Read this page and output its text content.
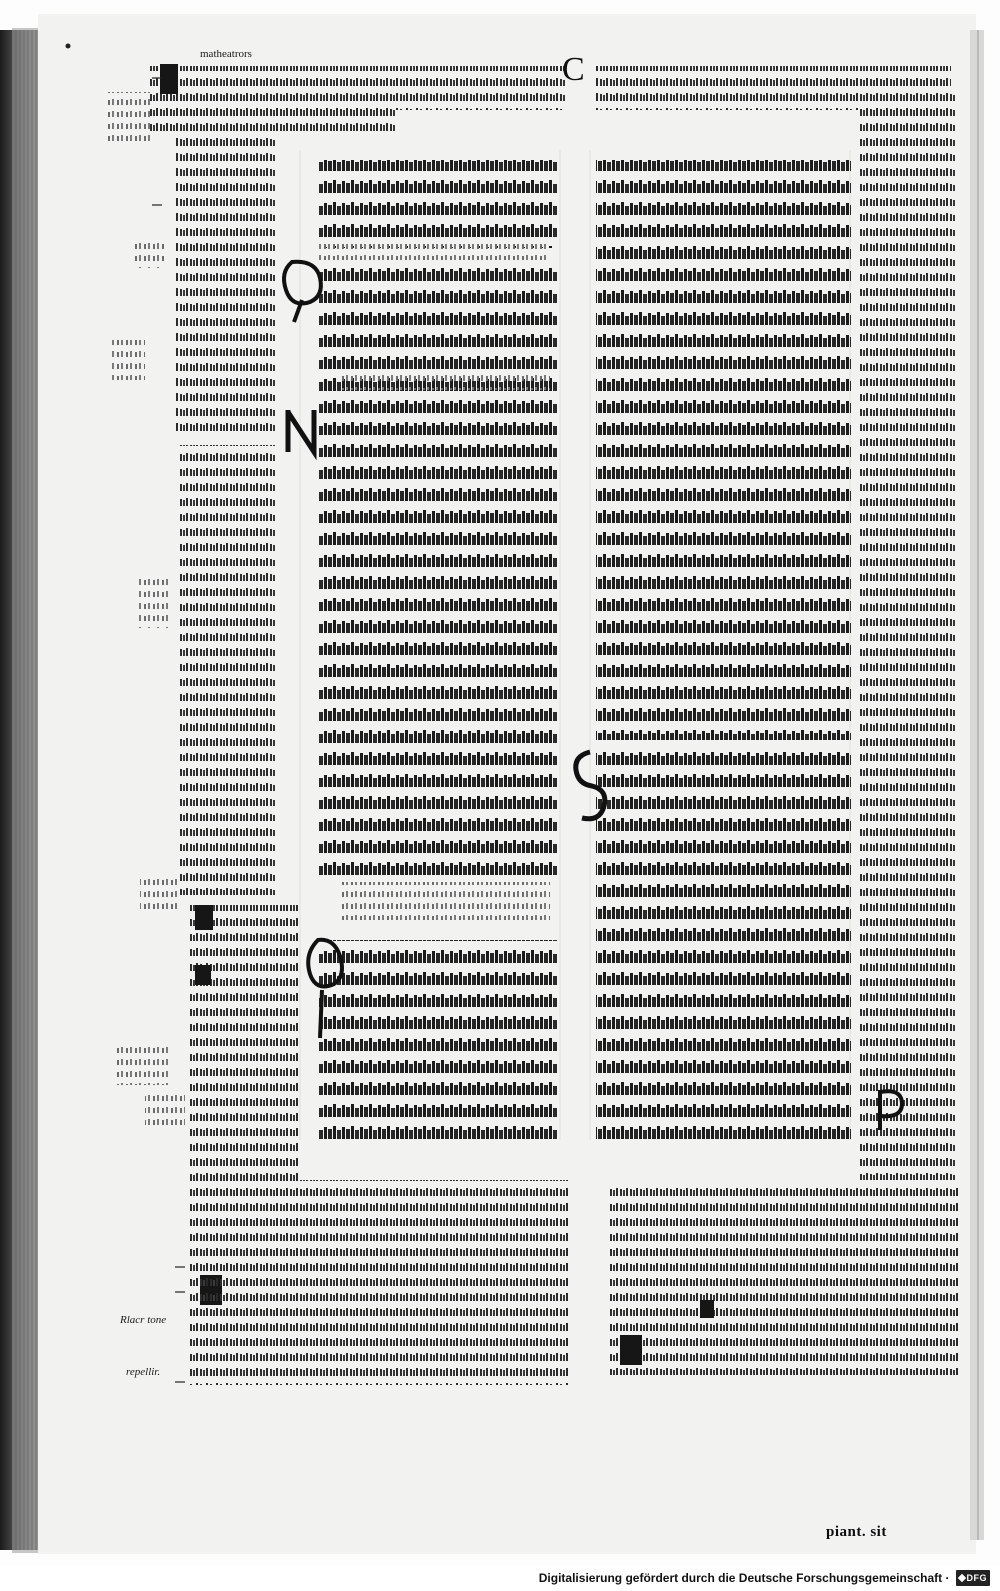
C
matheatrors
Rlacr tone
repellir.
piant. sit
Digitalisierung gefördert durch die Deutsche Forschungsgemeinschaft · DFG
